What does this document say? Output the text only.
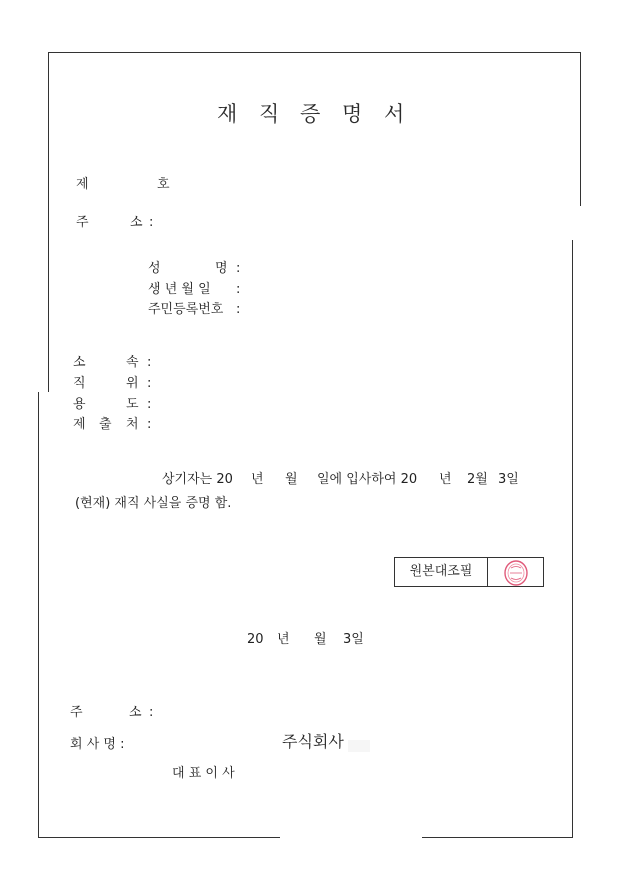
재 직 증 명 서
제	호
주	소 :
성	명 :
생 년 월 일 :
주민등록번호 :
소	속 :
직	위 :
용	도 :
제 출 처 :
상기자는 20 년 월 일에 입사하여 20 년 2월 3일
(현재) 재직 사실을 증명 함.
원본대조필
20 년 월 3일
주	소 :
회 사 명 :	주식회사
대 표 이 사
